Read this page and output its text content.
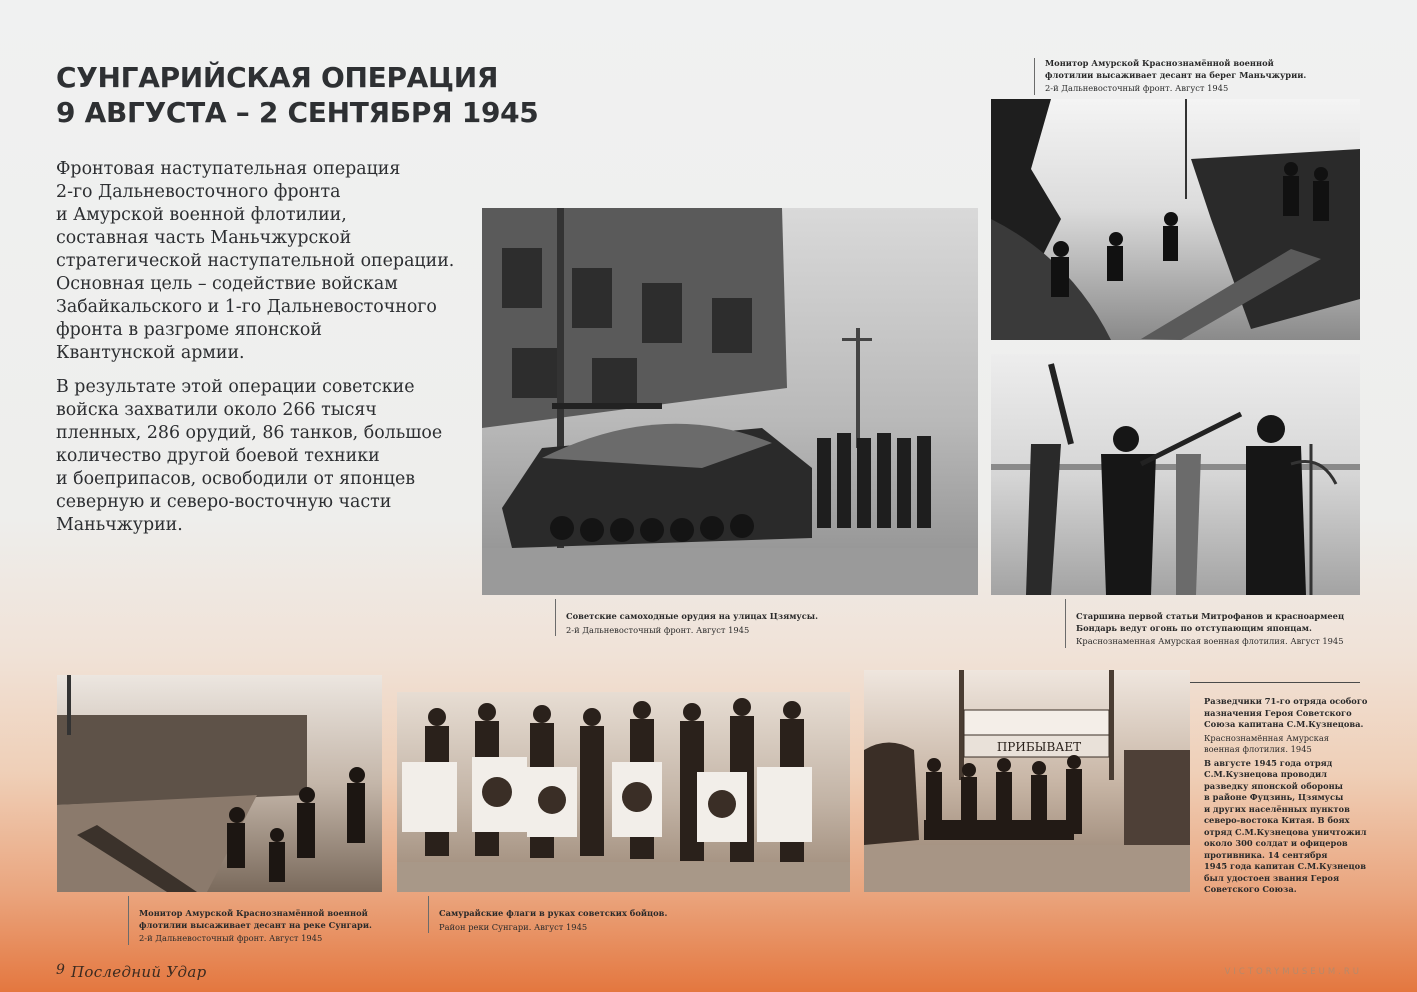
СУНГАРИЙСКАЯ ОПЕРАЦИЯ
9 АВГУСТА – 2 СЕНТЯБРЯ 1945
Фронтовая наступательная операция
2-го Дальневосточного фронта
и Амурской военной флотилии,
составная часть Маньчжурской
стратегической наступательной операции.
Основная цель – содействие войскам
Забайкальского и 1-го Дальневосточного
фронта в разгроме японской
Квантунской армии.
В результате этой операции советские
войска захватили около 266 тысяч
пленных, 286 орудий, 86 танков, большое
количество другой боевой техники
и боеприпасов, освободили от японцев
северную и северо-восточную части
Маньчжурии.
Монитор Амурской Краснознамённой военной
флотилии высаживает десант на берег Маньчжурии.
2-й Дальневосточный фронт. Август 1945
Советские самоходные орудия на улицах Цзямусы.
2-й Дальневосточный фронт. Август 1945
Старшина первой статьи Митрофанов и красноармеец
Бондарь ведут огонь по отступающим японцам.
Краснознаменная Амурская военная флотилия. Август 1945
Монитор Амурской Краснознамённой военной
флотилии высаживает десант на реке Сунгари.
2-й Дальневосточный фронт. Август 1945
Самурайские флаги в руках советских бойцов.
Район реки Сунгари. Август 1945
ПРИБЫВАЕТ
Разведчики 71-го отряда особого
назначения Героя Советского
Союза капитана С.М.Кузнецова.
Краснознамённая Амурская
военная флотилия. 1945
В августе 1945 года отряд
С.М.Кузнецова проводил
разведку японской обороны
в районе Фуцзинь, Цзямусы
и других населённых пунктов
северо-востока Китая. В боях
отряд С.М.Кузнецова уничтожил
около 300 солдат и офицеров
противника. 14 сентября
1945 года капитан С.М.Кузнецов
был удостоен звания Героя
Советского Союза.
9 Последний Удар	VICTORYMUSEUM.RU
